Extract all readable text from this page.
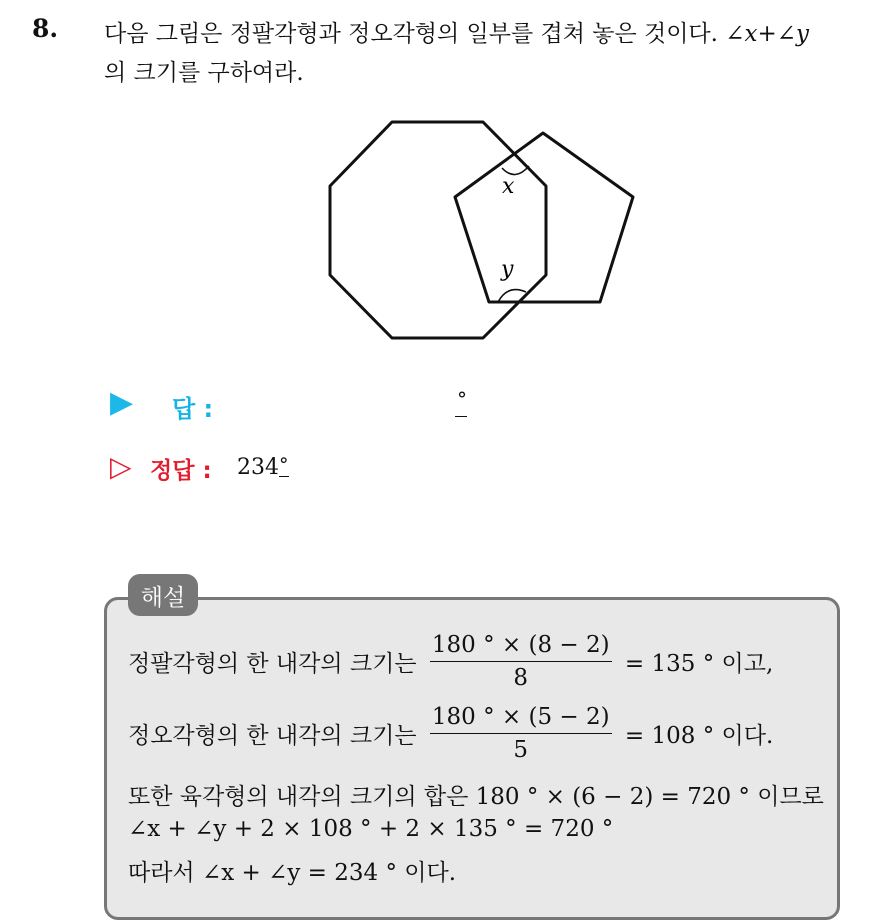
8. 다음 그림은 정팔각형과 정오각형의 일부를 겹쳐 놓은 것이다. ∠x+∠y
의 크기를 구하여라.
x
y
▶ 답 :	°
▷ 정답 : 234°
해설
정팔각형의 한 내각의 크기는 $\frac{180 ^\circ \times (8 - 2)}{8} = 135$ ° 이고,
정오각형의 한 내각의 크기는 $\frac{180 ^\circ \times (5 - 2)}{5} = 108$ ° 이다.
또한 육각형의 내각의 크기의 합은 180 ° × (6 − 2) = 720 ° 이므로
∠x + ∠y + 2 × 108 ° + 2 × 135 ° = 720 °
따라서 ∠x + ∠y = 234 ° 이다.
